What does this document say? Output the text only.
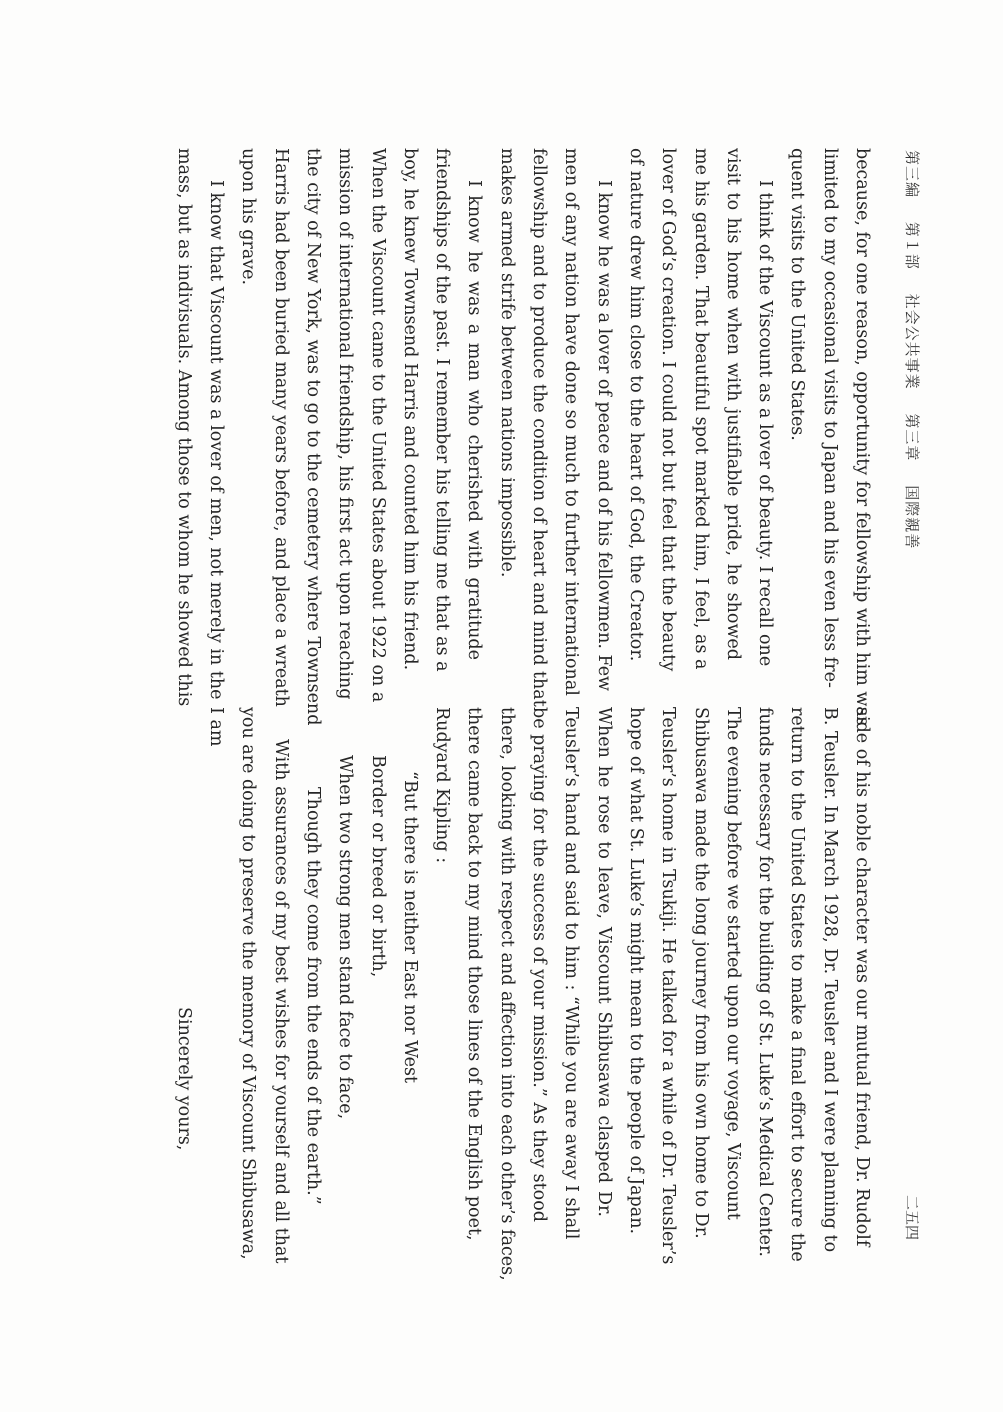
第三編 第１部 社会公共事業 第三章 国際親善
二五四
because, for one reason, opportunity for fellowship with him was
limited to my occasional visits to Japan and his even less fre-
quent visits to the United States.
I think of the Viscount as a lover of beauty. I recall one
visit to his home when with justifiable pride, he showed
me his garden. That beautiful spot marked him, I feel, as a
lover of God’s creation. I could not but feel that the beauty
of nature drew him close to the heart of God, the Creator.
I know he was a lover of peace and of his fellowmen. Few
men of any nation have done so much to further international
fellowship and to produce the condition of heart and mind that
makes armed strife between nations impossible.
I know he was a man who cherished with gratitude
friendships of the past. I remember his telling me that as a
boy, he knew Townsend Harris and counted him his friend.
When the Viscount came to the United States about 1922 on a
mission of international friendship, his first act upon reaching
the city of New York, was to go to the cemetery where Townsend
Harris had been buried many years before, and place a wreath
upon his grave.
I know that Viscount was a lover of men, not merely in the
mass, but as indivisuals. Among those to whom he showed this
side of his noble character was our mutual friend, Dr. Rudolf
B. Teusler. In March 1928, Dr. Teusler and I were planning to
return to the United States to make a final effort to secure the
funds necessary for the building of St. Luke’s Medical Center.
The evening before we started upon our voyage, Viscount
Shibusawa made the long journey from his own home to Dr.
Teusler’s home in Tsukiji. He talked for a while of Dr. Teusler’s
hope of what St. Luke’s might mean to the people of Japan.
When he rose to leave, Viscount Shibusawa clasped Dr.
Teusler’s hand and said to him : “While you are away I shall
be praying for the success of your mission.” As they stood
there, looking with respect and affection into each other’s faces,
there came back to my mind those lines of the English poet,
Rudyard Kipling :
“But there is neither East nor West
Border or breed or birth,
When two strong men stand face to face,
Though they come from the ends of the earth.”
With assurances of my best wishes for yourself and all that
you are doing to preserve the memory of Viscount Shibusawa,
I am
Sincerely yours,
